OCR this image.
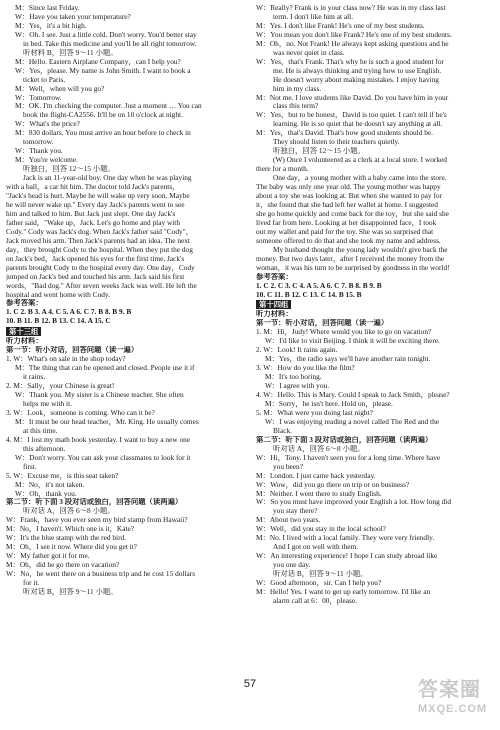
M：Since last Friday.
W：Have you taken your temperature?
M：Yes，it's a bit high.
W：Oh. I see. Just a little cold. Don't worry. You'd better stay
in bed. Take this medicine and you'll be all right tomorrow.
听材料 B，回答 9～11 小题。
M：Hello. Eastern Airplane Company，can I help you?
W：Yes，please. My name is John Smith. I want to book a
ticket to Paris.
M：Well，when will you go?
W：Tomorrow.
M：OK. I'm checking the computer. Just a moment … You can
book the flight-CA2556. It'll be on 10 o'clock at night.
W：What's the price?
M：830 dollars. You must arrive an hour before to check in
tomorrow.
W：Thank you.
M：You're welcome.
听独白，回答 12～15 小题。
Jack is an 11-year-old boy. One day when he was playing
with a ball，a car hit him. The doctor told Jack's parents，
"Jack's head is hurt. Maybe he will wake up very soon. Maybe
he will never wake up." Every day Jack's parents went to see
him and talked to him. But Jack just slept. One day Jack's
father said，"Wake up，Jack. Let's go home and play with
Cody." Cody was Jack's dog. When Jack's father said "Cody"，
Jack moved his arm. Then Jack's parents had an idea. The next
day，they brought Cody to the hospital. When they put the dog
on Jack's bed，Jack opened his eyes for the first time. Jack's
parents brought Cody to the hospital every day. One day，Cody
jumped on Jack's bed and touched his arm. Jack said his first
words，"Bad dog." After seven weeks Jack was well. He left the
hospital and went home with Cody.
参考答案：
1. C 2. B 3. A 4. C 5. A 6. C 7. B 8. B 9. B
10. B 11. B 12. B 13. C 14. A 15. C
第十三组
听力材料：
第一节：听小对话，回答问题（读一遍）
1. W：What's on sale in the shop today?
M：The thing that can be opened and closed. People use it if
it rains.
2. M：Sally，your Chinese is great!
W：Thank you. My sister is a Chinese teacher. She often
helps me with it.
3. W：Look，someone is coming. Who can it be?
M：It must be our head teacher，Mr. King. He usually comes
at this time.
4. M：I lost my math book yesterday. I want to buy a new one
this afternoon.
W：Don't worry. You can ask your classmates to look for it
first.
5. W：Excuse me，is this seat taken?
M：No，it's not taken.
W：Oh，thank you.
第二节：听下面 3 段对话或独白，回答问题（读两遍）
听对话 A，回答 6～8 小题。
W：Frank，have you ever seen my bird stamp from Hawaii?
M：No，I haven't. Which one is it，Kate?
W：It's the blue stamp with the red bird.
M：Oh，I see it now. Where did you get it?
W：My father got it for me.
M：Oh，did he go there on vacation?
W：No，he went there on a business trip and he cost 15 dollars
for it.
听对话 B，回答 9～11 小题。
W：Really? Frank is in your class now? He was in my class last
term. I don't like him at all.
M：Yes. I don't like Frank! He's one of my best students.
W：You mean you don't like Frank? He's one of my best students.
M：Oh，no. Not Frank! He always kept asking questions and he
was never quiet in class.
W：Yes，that's Frank. That's why he is such a good student for
me. He is always thinking and trying how to use English.
He doesn't worry about making mistakes. I enjoy having
him in my class.
M：Not me. I love students like David. Do you have him in your
class this term?
W：Yes，but to be honest，David is too quiet. I can't tell if he's
learning. He is so quiet that he doesn't say anything at all.
M：Yes，that's David. That's how good students should be.
They should listen to their teachers quietly.
听独白，回答 12～15 小题。
(W) Once I volunteered as a clerk at a local store. I worked
there for a month.
One day，a young mother with a baby came into the store.
The baby was only one year old. The young mother was happy
about a toy she was looking at. But when she wanted to pay for
it，she found that she had left her wallet at home. I suggested
she go home quickly and come back for the toy，but she said she
lived far from here. Looking at her disappointed face，I took
out my wallet and paid for the toy. She was so surprised that
someone offered to do that and she took my name and address.
My husband thought the young lady wouldn't give back the
money. But two days later，after I received the money from the
woman，it was his turn to be surprised by goodness in the world!
参考答案：
1. C 2. C 3. C 4. A 5. A 6. C 7. B 8. B 9. B
10. C 11. B 12. C 13. C 14. B 15. B
第十四组
听力材料：
第一节：听小对话，回答问题（读一遍）
1. M：Hi，Judy! Where would you like to go on vacation?
W：I'd like to visit Beijing. I think it will be exciting there.
2. W：Look! It rains again.
M：Yes，the radio says we'll have another rain tonight.
3. W：How do you like the film?
M：It's too boring.
W：I agree with you.
4. W：Hello. This is Mary. Could I speak to Jack Smith，please?
M：Sorry，he isn't here. Hold on，please.
5. M：What were you doing last night?
W：I was enjoying reading a novel called The Red and the
Black.
第二节：听下面 3 段对话或独白，回答问题（读两遍）
听对话 A，回答 6～8 小题。
W：Hi，Tony. I haven't seen you for a long time. Where have
you been?
M：London. I just came back yesterday.
W：Wow，did you go there on trip or on business?
M：Neither. I went there to study English.
W：So you must have improved your English a lot. How long did
you stay there?
M：About two years.
W：Well，did you stay in the local school?
M：No. I lived with a local family. They were very friendly.
And I got on well with them.
W：An interesting experience! I hope I can study abroad like
you one day.
听对话 B，回答 9～11 小题。
W：Good afternoon，sir. Can I help you?
M：Hello! Yes. I want to get up early tomorrow. I'd like an
alarm call at 6：00，please.
57	答案圈
MXQE.COM
